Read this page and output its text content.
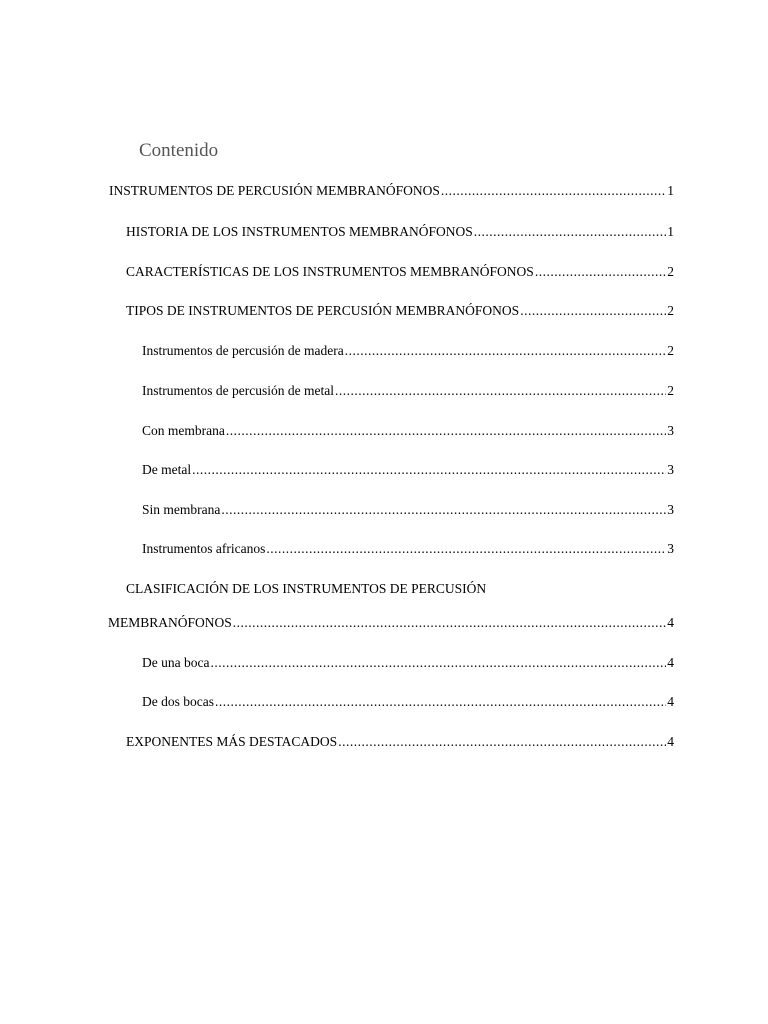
Contenido
INSTRUMENTOS DE PERCUSIÓN MEMBRANÓFONOS .....	1
HISTORIA DE LOS INSTRUMENTOS MEMBRANÓFONOS .....	1
CARACTERÍSTICAS DE LOS INSTRUMENTOS MEMBRANÓFONOS .....	2
TIPOS DE INSTRUMENTOS DE PERCUSIÓN MEMBRANÓFONOS .....	2
Instrumentos de percusión de madera .....	2
Instrumentos de percusión de metal .....	2
Con membrana .....	3
De metal .....	3
Sin membrana .....	3
Instrumentos africanos .....	3
CLASIFICACIÓN DE LOS INSTRUMENTOS DE PERCUSIÓN
MEMBRANÓFONOS .....	4
De una boca .....	4
De dos bocas .....	4
EXPONENTES MÁS DESTACADOS .....	4
